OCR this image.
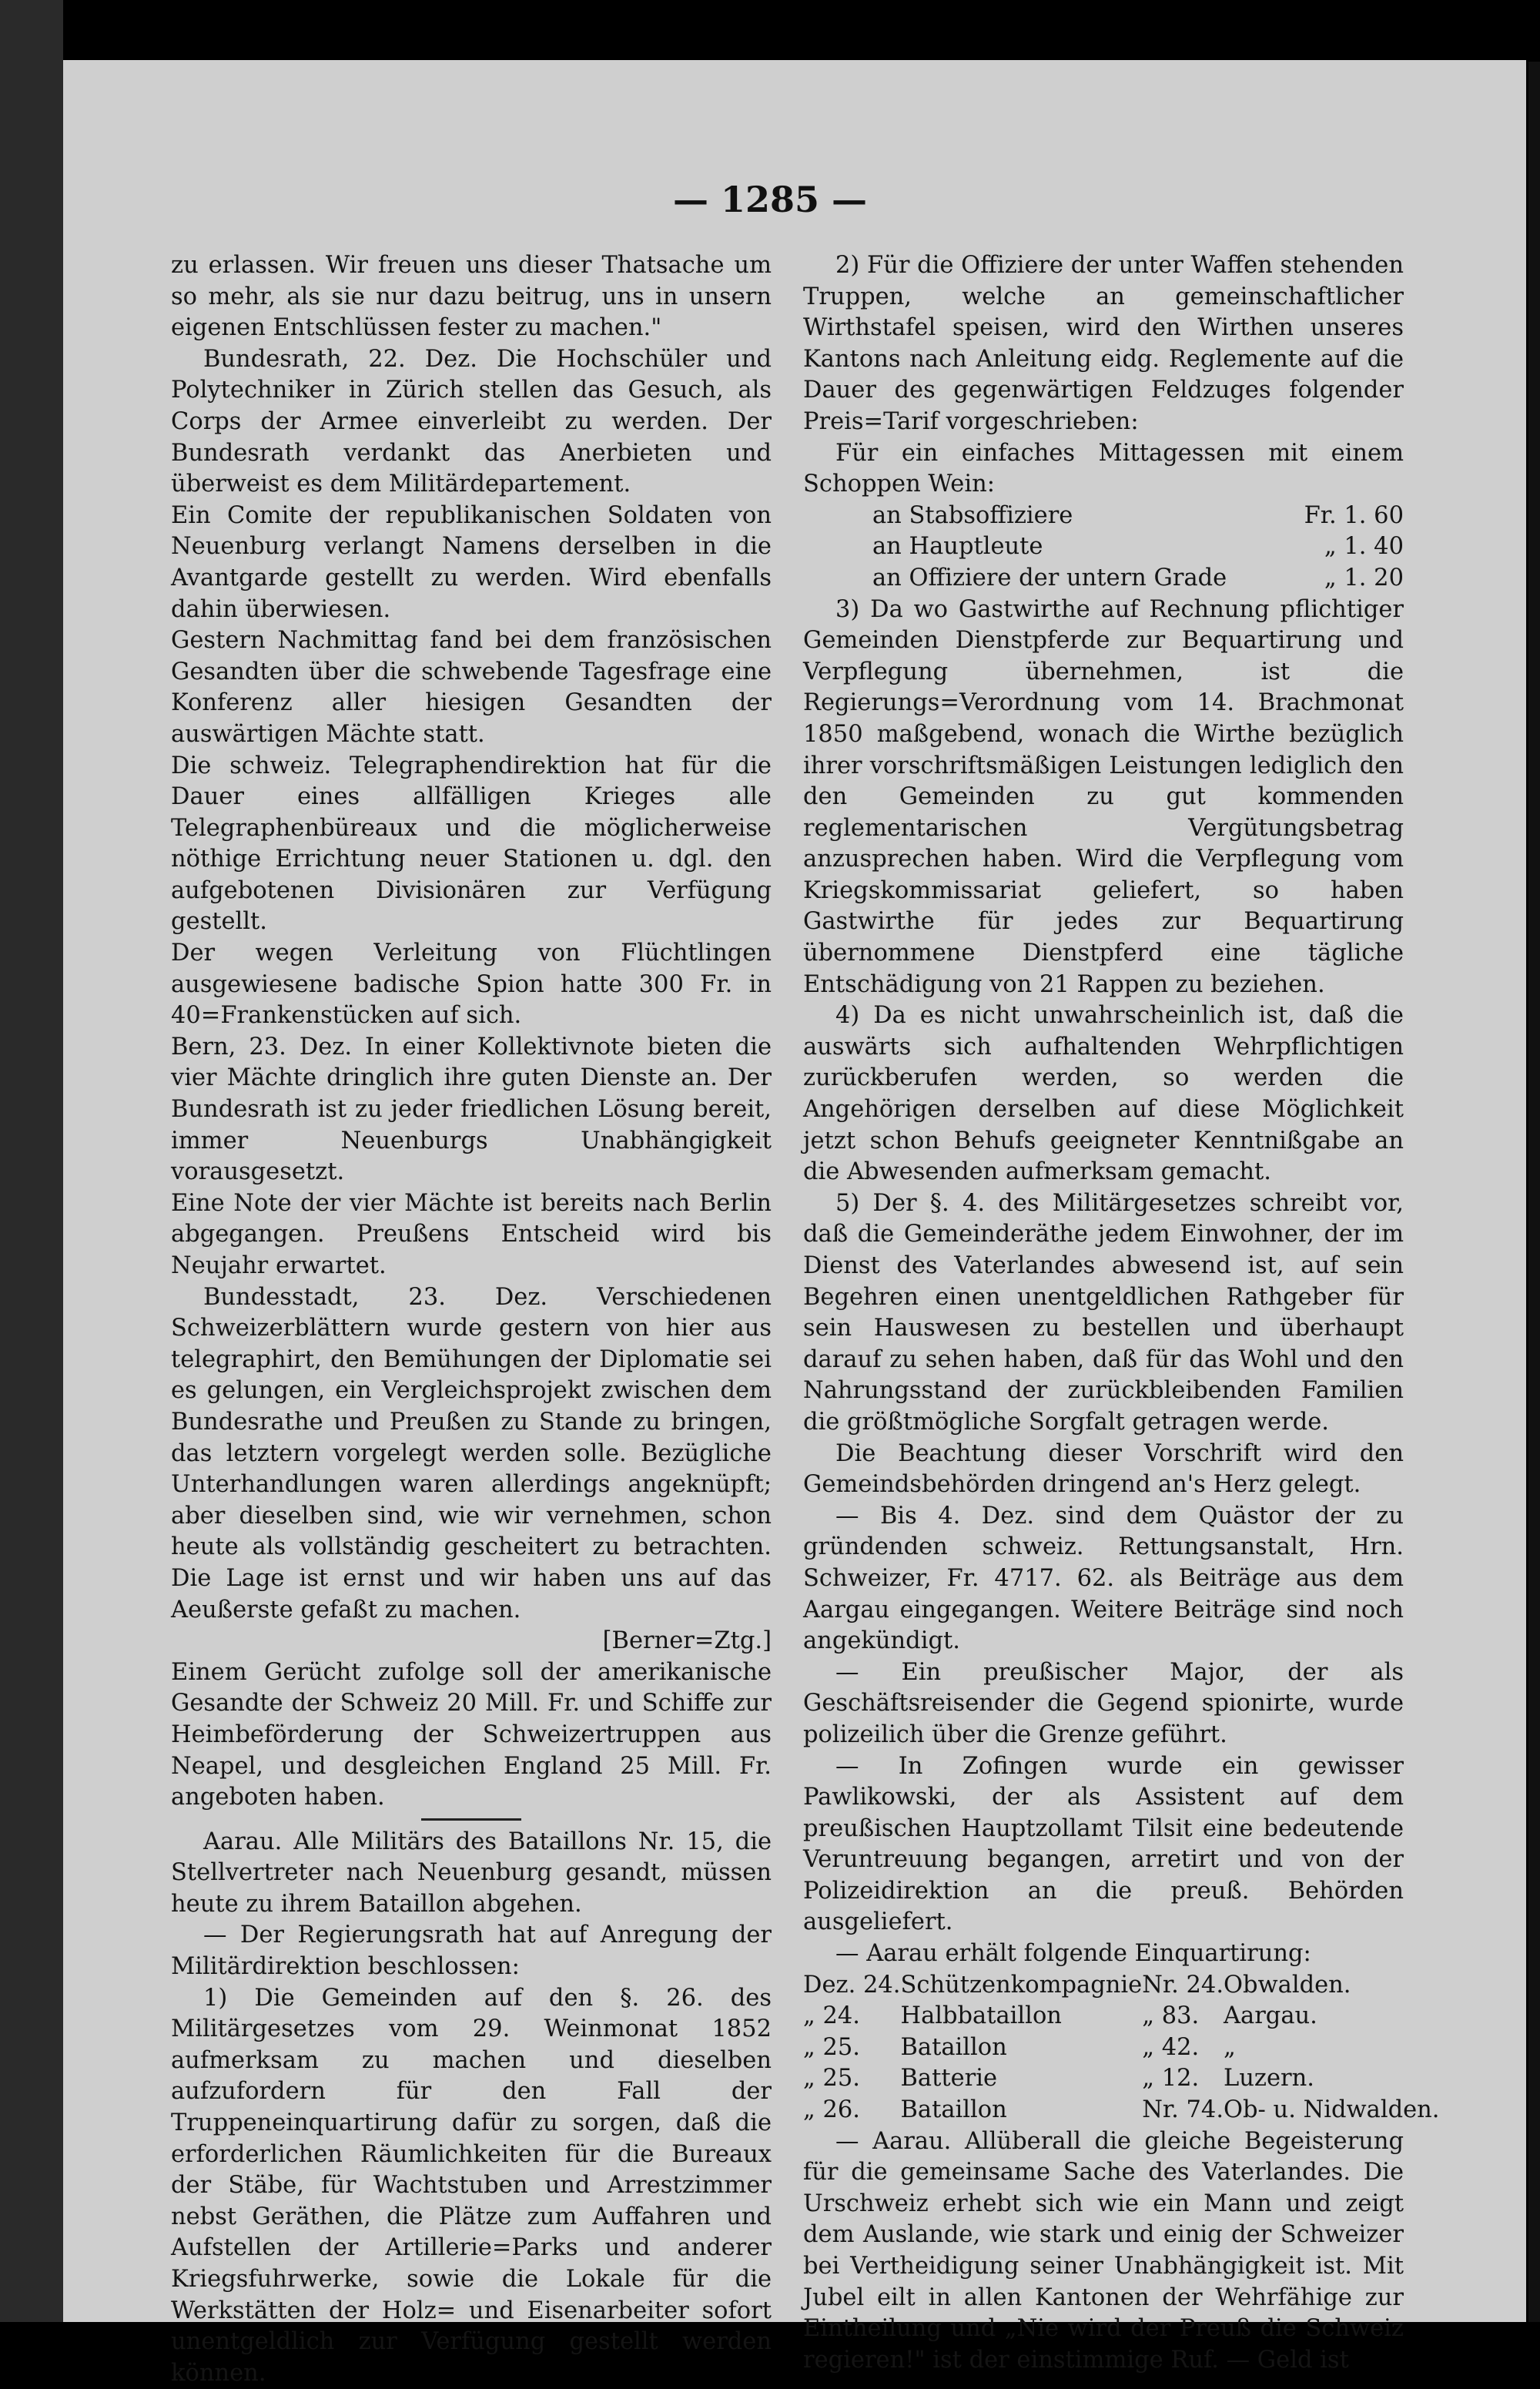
— 1285 —

zu erlassen. Wir freuen uns dieser Thatsache um so mehr, als sie nur dazu beitrug, uns in unsern eigenen Entschlüssen fester zu machen."

Bundesrath, 22. Dez. Die Hochschüler und Polytechniker in Zürich stellen das Gesuch, als Corps der Armee einverleibt zu werden. Der Bundesrath verdankt das Anerbieten und überweist es dem Militärdepartement.

Ein Comite der republikanischen Soldaten von Neuenburg verlangt Namens derselben in die Avantgarde gestellt zu werden. Wird ebenfalls dahin überwiesen.

Gestern Nachmittag fand bei dem französischen Gesandten über die schwebende Tagesfrage eine Konferenz aller hiesigen Gesandten der auswärtigen Mächte statt.

Die schweiz. Telegraphendirektion hat für die Dauer eines allfälligen Krieges alle Telegraphenbüreaux und die möglicherweise nöthige Errichtung neuer Stationen u. dgl. den aufgebotenen Divisionären zur Verfügung gestellt.

Der wegen Verleitung von Flüchtlingen ausgewiesene badische Spion hatte 300 Fr. in 40=Frankenstücken auf sich.

Bern, 23. Dez. In einer Kollektivnote bieten die vier Mächte dringlich ihre guten Dienste an. Der Bundesrath ist zu jeder friedlichen Lösung bereit, immer Neuenburgs Unabhängigkeit vorausgesetzt.

Eine Note der vier Mächte ist bereits nach Berlin abgegangen. Preußens Entscheid wird bis Neujahr erwartet.

Bundesstadt, 23. Dez. Verschiedenen Schweizerblättern wurde gestern von hier aus telegraphirt, den Bemühungen der Diplomatie sei es gelungen, ein Vergleichsprojekt zwischen dem Bundesrathe und Preußen zu Stande zu bringen, das letztern vorgelegt werden solle. Bezügliche Unterhandlungen waren allerdings angeknüpft; aber dieselben sind, wie wir vernehmen, schon heute als vollständig gescheitert zu betrachten. Die Lage ist ernst und wir haben uns auf das Aeußerste gefaßt zu machen.
[Berner=Ztg.]

Einem Gerücht zufolge soll der amerikanische Gesandte der Schweiz 20 Mill. Fr. und Schiffe zur Heimbeförderung der Schweizertruppen aus Neapel, und desgleichen England 25 Mill. Fr. angeboten haben.

Aarau. Alle Militärs des Bataillons Nr. 15, die Stellvertreter nach Neuenburg gesandt, müssen heute zu ihrem Bataillon abgehen.

— Der Regierungsrath hat auf Anregung der Militärdirektion beschlossen:

1) Die Gemeinden auf den §. 26. des Militärgesetzes vom 29. Weinmonat 1852 aufmerksam zu machen und dieselben aufzufordern für den Fall der Truppeneinquartirung dafür zu sorgen, daß die erforderlichen Räumlichkeiten für die Bureaux der Stäbe, für Wachtstuben und Arrestzimmer nebst Geräthen, die Plätze zum Auffahren und Aufstellen der Artillerie=Parks und anderer Kriegsfuhrwerke, sowie die Lokale für die Werkstätten der Holz= und Eisenarbeiter sofort unentgeldlich zur Verfügung gestellt werden können.

2) Für die Offiziere der unter Waffen stehenden Truppen, welche an gemeinschaftlicher Wirthstafel speisen, wird den Wirthen unseres Kantons nach Anleitung eidg. Reglemente auf die Dauer des gegenwärtigen Feldzuges folgender Preis=Tarif vorgeschrieben:

Für ein einfaches Mittagessen mit einem Schoppen Wein:

an Stabsoffiziere	Fr. 1. 60
an Hauptleute	„ 1. 40
an Offiziere der untern Grade	„ 1. 20

3) Da wo Gastwirthe auf Rechnung pflichtiger Gemeinden Dienstpferde zur Bequartirung und Verpflegung übernehmen, ist die Regierungs=Verordnung vom 14. Brachmonat 1850 maßgebend, wonach die Wirthe bezüglich ihrer vorschriftsmäßigen Leistungen lediglich den den Gemeinden zu gut kommenden reglementarischen Vergütungsbetrag anzusprechen haben. Wird die Verpflegung vom Kriegskommissariat geliefert, so haben Gastwirthe für jedes zur Bequartirung übernommene Dienstpferd eine tägliche Entschädigung von 21 Rappen zu beziehen.

4) Da es nicht unwahrscheinlich ist, daß die auswärts sich aufhaltenden Wehrpflichtigen zurückberufen werden, so werden die Angehörigen derselben auf diese Möglichkeit jetzt schon Behufs geeigneter Kenntnißgabe an die Abwesenden aufmerksam gemacht.

5) Der §. 4. des Militärgesetzes schreibt vor, daß die Gemeinderäthe jedem Einwohner, der im Dienst des Vaterlandes abwesend ist, auf sein Begehren einen unentgeldlichen Rathgeber für sein Hauswesen zu bestellen und überhaupt darauf zu sehen haben, daß für das Wohl und den Nahrungsstand der zurückbleibenden Familien die größtmögliche Sorgfalt getragen werde.

Die Beachtung dieser Vorschrift wird den Gemeindsbehörden dringend an's Herz gelegt.

— Bis 4. Dez. sind dem Quästor der zu gründenden schweiz. Rettungsanstalt, Hrn. Schweizer, Fr. 4717. 62. als Beiträge aus dem Aargau eingegangen. Weitere Beiträge sind noch angekündigt.

— Ein preußischer Major, der als Geschäftsreisender die Gegend spionirte, wurde polizeilich über die Grenze geführt.

— In Zofingen wurde ein gewisser Pawlikowski, der als Assistent auf dem preußischen Hauptzollamt Tilsit eine bedeutende Veruntreuung begangen, arretirt und von der Polizeidirektion an die preuß. Behörden ausgeliefert.

— Aarau erhält folgende Einquartirung:

Dez. 24.	Schützenkompagnie	Nr. 24.	Obwalden.
„ 24.	Halbbataillon	„ 83.	Aargau.
„ 25.	Bataillon	„ 42.	„
„ 25.	Batterie	„ 12.	Luzern.
„ 26.	Bataillon	Nr. 74.	Ob- u. Nidwalden.

— Aarau. Allüberall die gleiche Begeisterung für die gemeinsame Sache des Vaterlandes. Die Urschweiz erhebt sich wie ein Mann und zeigt dem Auslande, wie stark und einig der Schweizer bei Vertheidigung seiner Unabhängigkeit ist. Mit Jubel eilt in allen Kantonen der Wehrfähige zur Eintheilung und „Nie wird der Preuß die Schweiz regieren!" ist der einstimmige Ruf. — Geld ist
